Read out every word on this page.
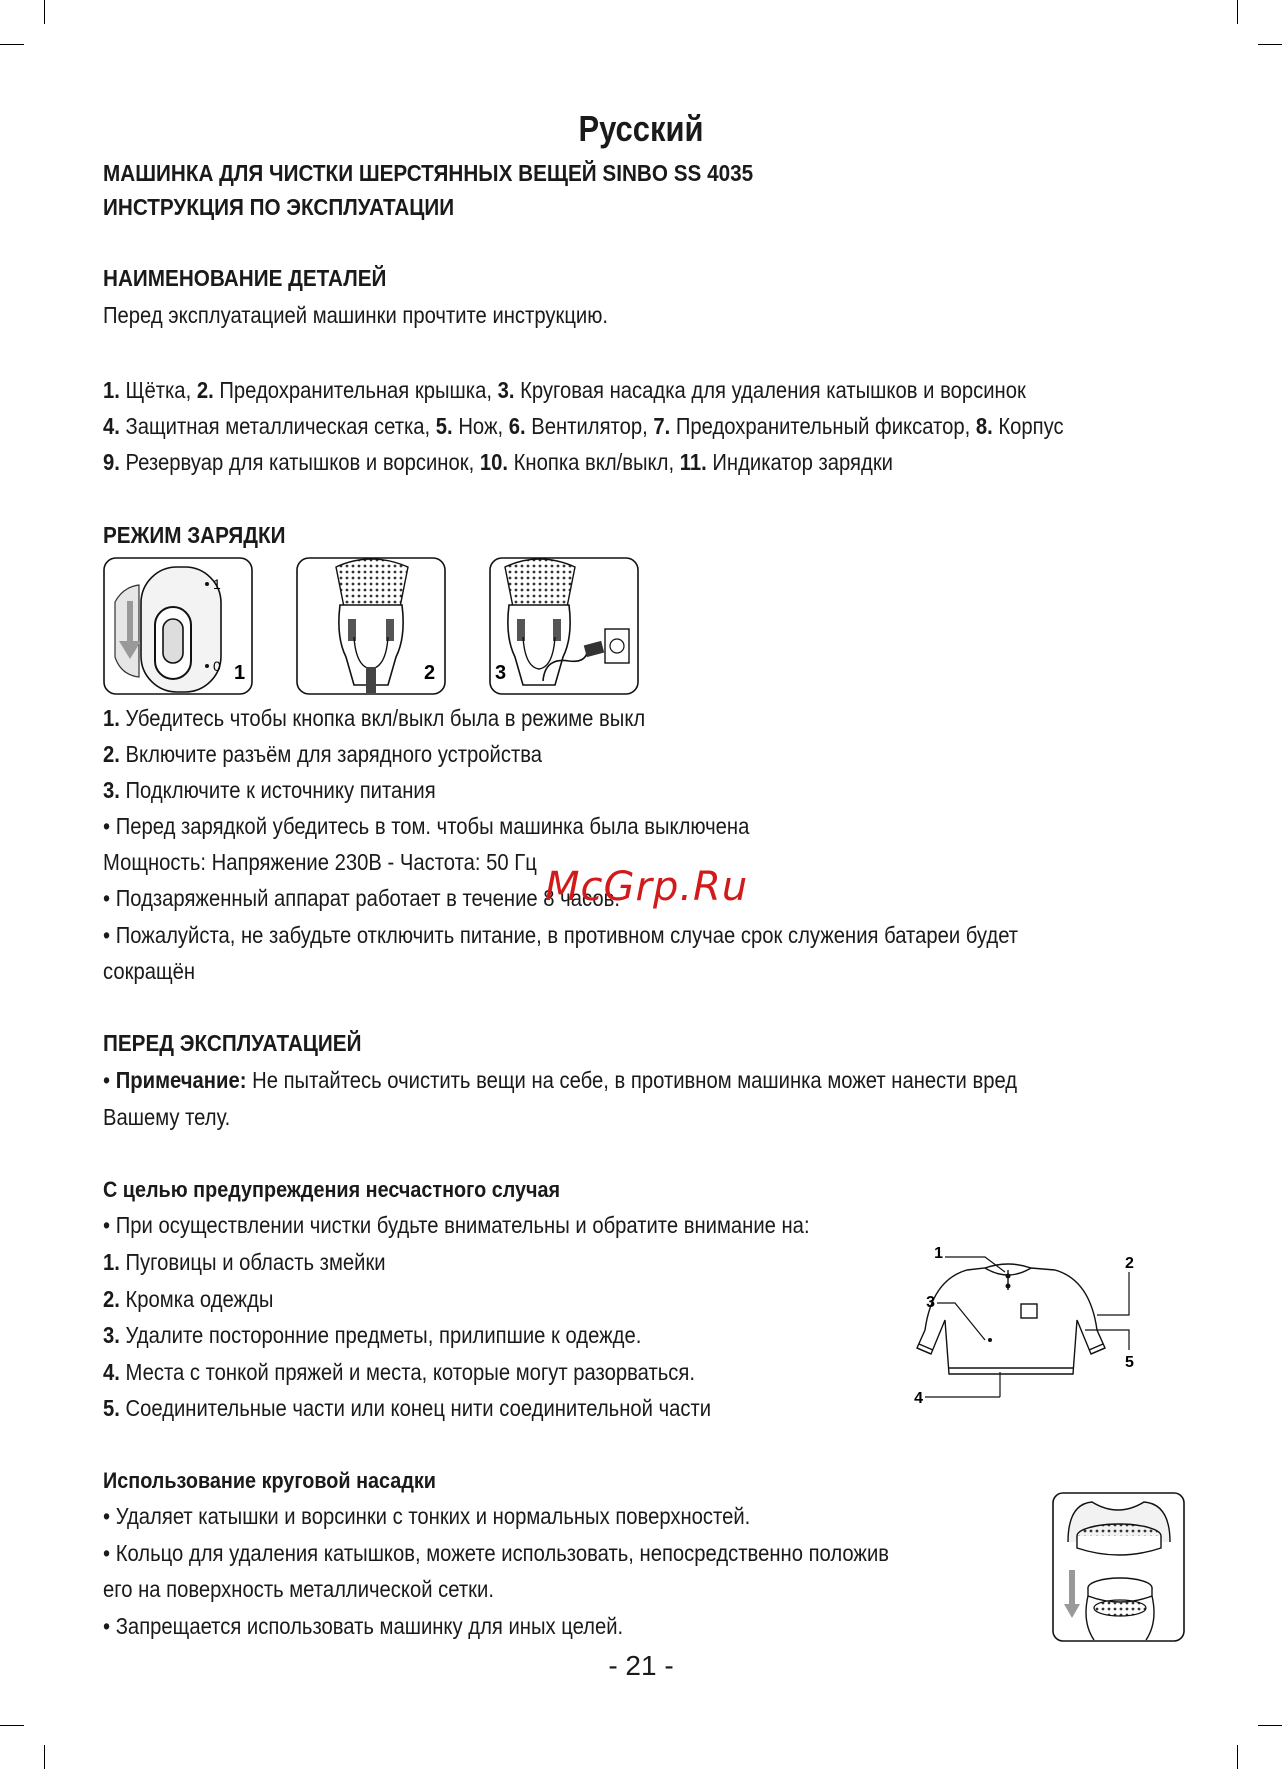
Русский
МАШИНКА ДЛЯ ЧИСТКИ ШЕРСТЯННЫХ ВЕЩЕЙ SINBO SS 4035
ИНСТРУКЦИЯ ПО ЭКСПЛУАТАЦИИ
НАИМЕНОВАНИЕ ДЕТАЛЕЙ
Перед эксплуатацией машинки прочтите инструкцию.
1. Щётка, 2. Предохранительная крышка, 3. Круговая насадка для удаления катышков и ворсинок
4. Защитная металлическая сетка, 5. Нож, 6. Вентилятор, 7. Предохранительный фиксатор, 8. Корпус
9. Резервуар для катышков и ворсинок, 10. Кнопка вкл/выкл, 11. Индикатор зарядки
РЕЖИМ ЗАРЯДКИ
1
0 1	2	3
1. Убедитесь чтобы кнопка вкл/выкл была в режиме выкл
2. Включите разъём для зарядного устройства
3. Подключите к источнику питания
• Перед зарядкой убедитесь в том. чтобы машинка была выключена
Мощность: Напряжение 230В - Частота: 50 Гц
• Подзаряженный аппарат работает в течение 8 часов.
• Пожалуйста, не забудьте отключить питание, в противном случае срок служения батареи будет
сокращён
McGrp.Ru
ПЕРЕД ЭКСПЛУАТАЦИЕЙ
• Примечание: Не пытайтесь очистить вещи на себе, в противном машинка может нанести вред
Вашему телу.
С целью предупреждения несчастного случая
• При осуществлении чистки будьте внимательны и обратите внимание на:
1. Пуговицы и область змейки
2. Кромка одежды
3. Удалите посторонние предметы, прилипшие к одежде.
4. Места с тонкой пряжей и места, которые могут разорваться.
5. Соединительные части или конец нити соединительной части
1
2
3
4
5
Использование круговой насадки
• Удаляет катышки и ворсинки с тонких и нормальных поверхностей.
• Кольцо для удаления катышков, можете использовать, непосредственно положив
его на поверхность металлической сетки.
• Запрещается использовать машинку для иных целей.
- 21 -
